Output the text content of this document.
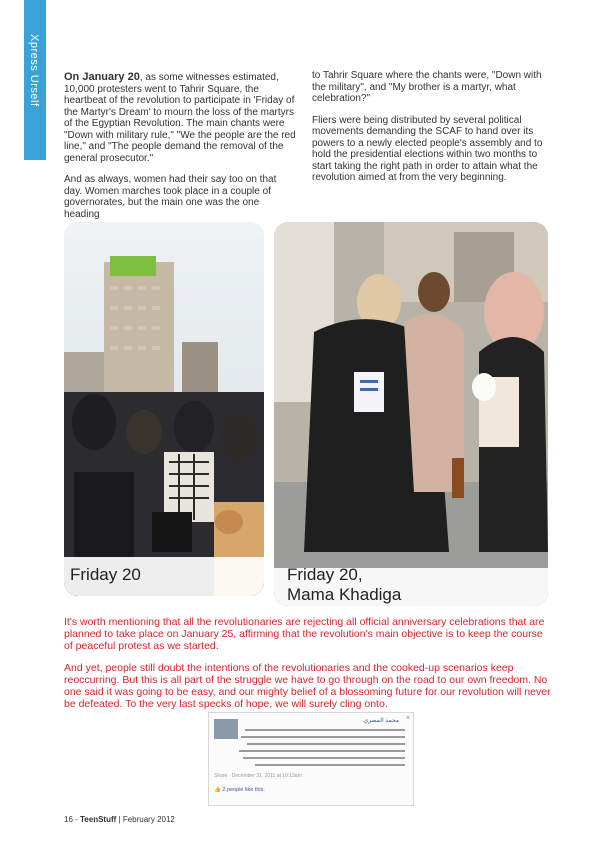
Xpress Urself On January 20, as some witnesses estimated, 10,000 protesters went to Tahrir Square, the heartbeat of the revolution to participate in 'Friday of the Martyr's Dream' to mourn the loss of the martyrs of the Egyptian Revolution. The main chants were "Down with military rule," "We the people are the red line," and "The people demand the removal of the general prosecutor."

And as always, women had their say too on that day. Women marches took place in a couple of governorates, but the main one was the one heading

to Tahrir Square where the chants were, "Down with the military", and "My brother is a martyr, what celebration?"

Fliers were being distributed by several political movements demanding the SCAF to hand over its powers to a newly elected people's assembly and to hold the presidential elections within two months to start taking the right path in order to attain what the revolution aimed at from the very beginning.

Friday 20	Friday 20,
Mama Khadiga

It's worth mentioning that all the revolutionaries are rejecting all official anniversary celebrations that are planned to take place on January 25, affirming that the revolution's main objective is to keep the course of peaceful protest as we started.

And yet, people still doubt the intentions of the revolutionaries and the cooked-up scenarios keep reoccurring. But this is all part of the struggle we have to go through on the road to our own freedom. No one said it was going to be easy, and our mighty belief of a blossoming future for our revolution will never be defeated. To the very last specks of hope, we will surely cling onto.

محمد المصري ×
Share · December 31, 2011 at 10:13am
👍 2 people like this.
16 - TeenStuff | February 2012
